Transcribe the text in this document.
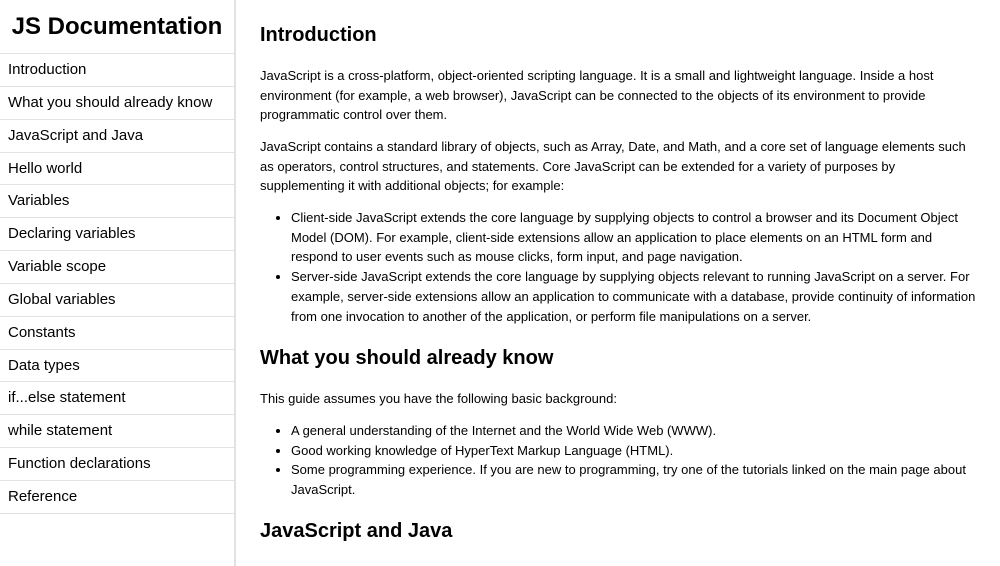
JS Documentation
Introduction
What you should already know
JavaScript and Java
Hello world
Variables
Declaring variables
Variable scope
Global variables
Constants
Data types
if...else statement
while statement
Function declarations
Reference
Introduction

JavaScript is a cross-platform, object-oriented scripting language. It is a small and lightweight language. Inside a host environment (for example, a web browser), JavaScript can be connected to the objects of its environment to provide programmatic control over them.

JavaScript contains a standard library of objects, such as Array, Date, and Math, and a core set of language elements such as operators, control structures, and statements. Core JavaScript can be extended for a variety of purposes by supplementing it with additional objects; for example:

• Client-side JavaScript extends the core language by supplying objects to control a browser and its Document Object Model (DOM). For example, client-side extensions allow an application to place elements on an HTML form and respond to user events such as mouse clicks, form input, and page navigation.
• Server-side JavaScript extends the core language by supplying objects relevant to running JavaScript on a server. For example, server-side extensions allow an application to communicate with a database, provide continuity of information from one invocation to another of the application, or perform file manipulations on a server.
What you should already know

This guide assumes you have the following basic background:

• A general understanding of the Internet and the World Wide Web (WWW).
• Good working knowledge of HyperText Markup Language (HTML).
• Some programming experience. If you are new to programming, try one of the tutorials linked on the main page about JavaScript.
JavaScript and Java
